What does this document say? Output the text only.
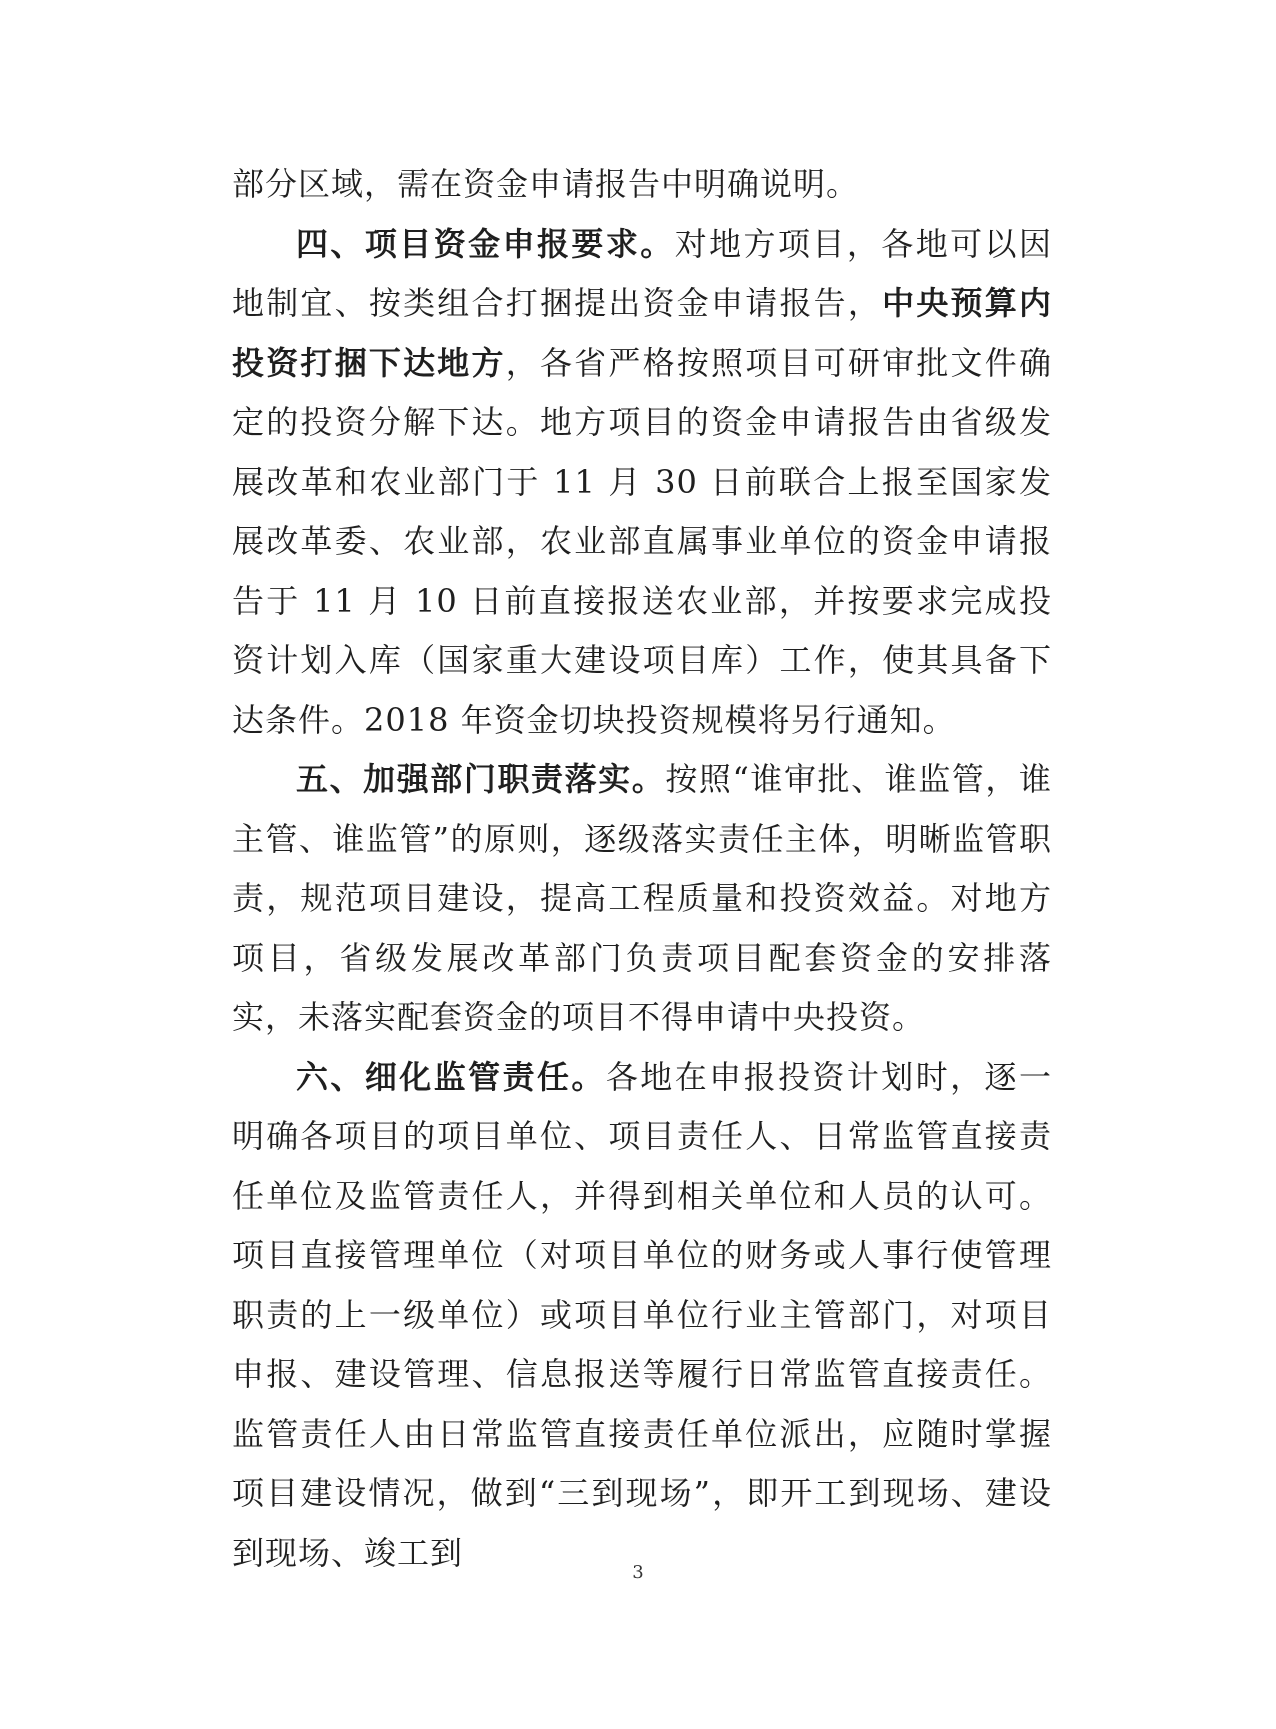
部分区域，需在资金申请报告中明确说明。

四、项目资金申报要求。对地方项目，各地可以因地制宜、按类组合打捆提出资金申请报告，中央预算内投资打捆下达地方，各省严格按照项目可研审批文件确定的投资分解下达。地方项目的资金申请报告由省级发展改革和农业部门于 11 月 30 日前联合上报至国家发展改革委、农业部，农业部直属事业单位的资金申请报告于 11 月 10 日前直接报送农业部，并按要求完成投资计划入库（国家重大建设项目库）工作，使其具备下达条件。2018 年资金切块投资规模将另行通知。

五、加强部门职责落实。按照“谁审批、谁监管，谁主管、谁监管”的原则，逐级落实责任主体，明晰监管职责，规范项目建设，提高工程质量和投资效益。对地方项目，省级发展改革部门负责项目配套资金的安排落实，未落实配套资金的项目不得申请中央投资。

六、细化监管责任。各地在申报投资计划时，逐一明确各项目的项目单位、项目责任人、日常监管直接责任单位及监管责任人，并得到相关单位和人员的认可。项目直接管理单位（对项目单位的财务或人事行使管理职责的上一级单位）或项目单位行业主管部门，对项目申报、建设管理、信息报送等履行日常监管直接责任。监管责任人由日常监管直接责任单位派出，应随时掌握项目建设情况，做到“三到现场”，即开工到现场、建设到现场、竣工到

3
